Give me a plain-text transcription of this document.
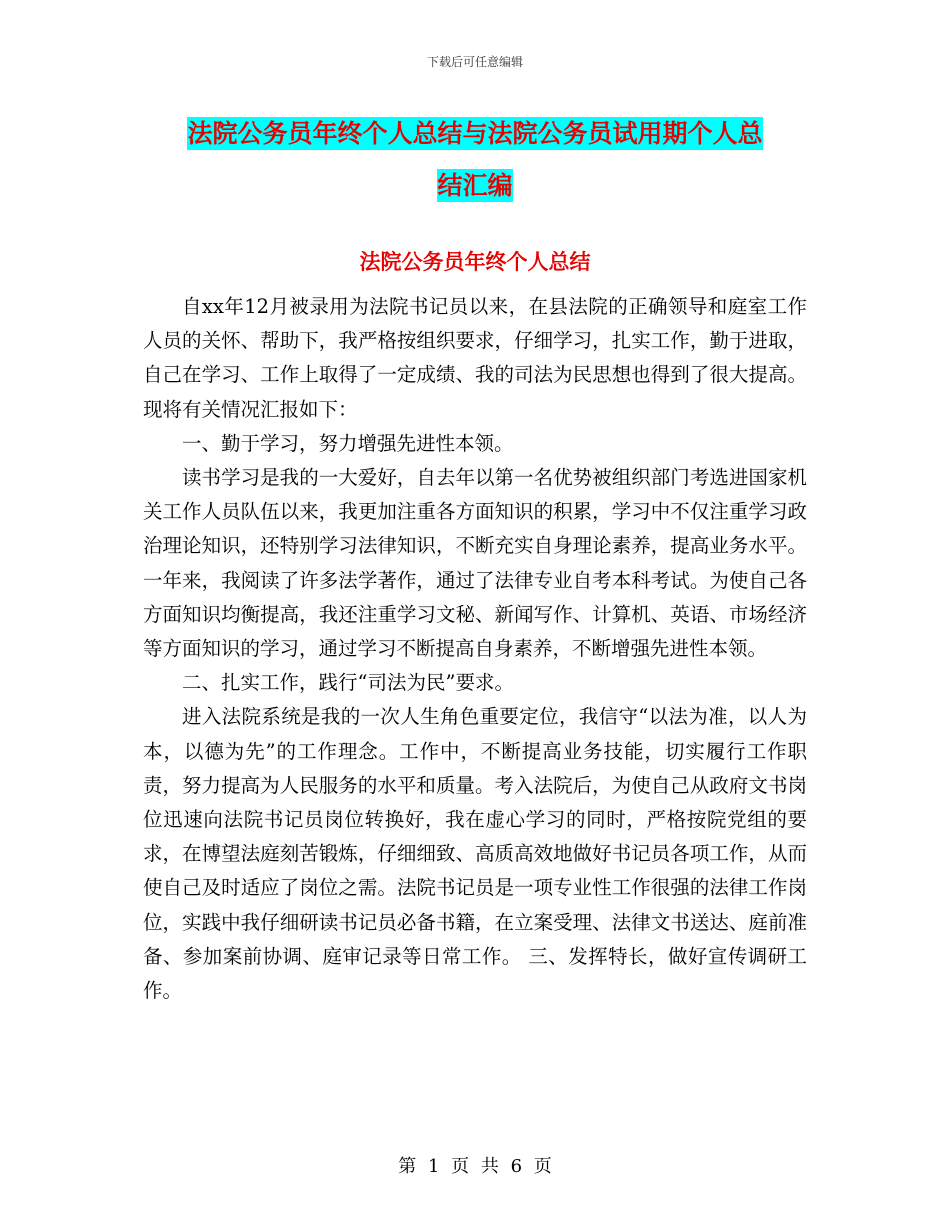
下载后可任意编辑
法院公务员年终个人总结与法院公务员试用期个人总
结汇编
法院公务员年终个人总结

自xx年12月被录用为法院书记员以来，在县法院的正确领导和庭室工作人员的关怀、帮助下，我严格按组织要求，仔细学习，扎实工作，勤于进取，自己在学习、工作上取得了一定成绩、我的司法为民思想也得到了很大提高。现将有关情况汇报如下：

一、勤于学习，努力增强先进性本领。

读书学习是我的一大爱好，自去年以第一名优势被组织部门考选进国家机关工作人员队伍以来，我更加注重各方面知识的积累，学习中不仅注重学习政治理论知识，还特别学习法律知识，不断充实自身理论素养，提高业务水平。一年来，我阅读了许多法学著作，通过了法律专业自考本科考试。为使自己各方面知识均衡提高，我还注重学习文秘、新闻写作、计算机、英语、市场经济等方面知识的学习，通过学习不断提高自身素养，不断增强先进性本领。

二、扎实工作，践行“司法为民”要求。

进入法院系统是我的一次人生角色重要定位，我信守“以法为准，以人为本，以德为先”的工作理念。工作中，不断提高业务技能，切实履行工作职责，努力提高为人民服务的水平和质量。考入法院后，为使自己从政府文书岗位迅速向法院书记员岗位转换好，我在虚心学习的同时，严格按院党组的要求，在博望法庭刻苦锻炼，仔细细致、高质高效地做好书记员各项工作，从而使自己及时适应了岗位之需。法院书记员是一项专业性工作很强的法律工作岗位，实践中我仔细研读书记员必备书籍，在立案受理、法律文书送达、庭前准备、参加案前协调、庭审记录等日常工作。 三、发挥特长，做好宣传调研工作。

第 1 页 共 6 页
